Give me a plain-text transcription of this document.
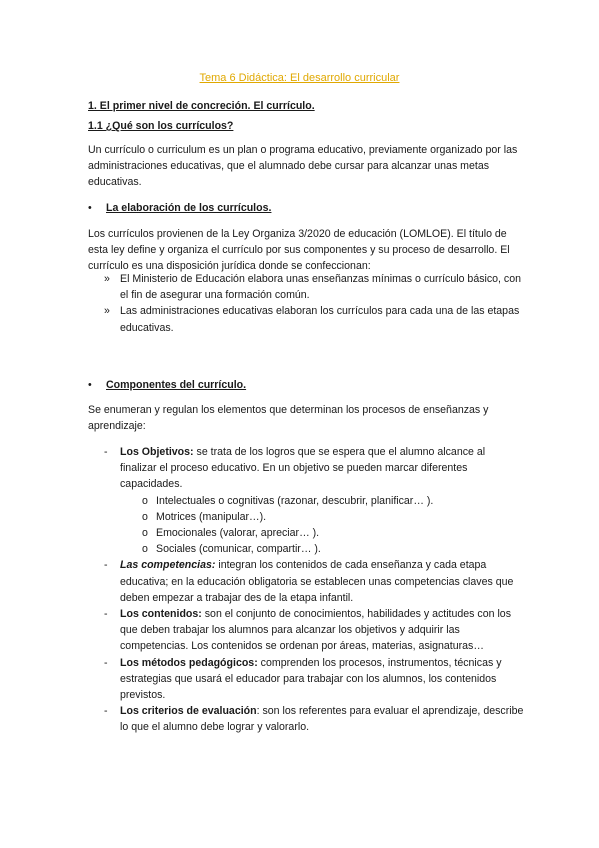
Tema 6 Didáctica: El desarrollo curricular

1. El primer nivel de concreción. El currículo.

1.1 ¿Qué son los currículos?

Un currículo o curriculum es un plan o programa educativo, previamente organizado por las administraciones educativas, que el alumnado debe cursar para alcanzar unas metas educativas.

• La elaboración de los currículos.

Los currículos provienen de la Ley Organiza 3/2020 de educación (LOMLOE). El título de esta ley define y organiza el currículo por sus componentes y su proceso de desarrollo. El currículo es una disposición jurídica donde se confeccionan:

» El Ministerio de Educación elabora unas enseñanzas mínimas o currículo básico, con el fin de asegurar una formación común.
» Las administraciones educativas elaboran los currículos para cada una de las etapas educativas.

• Componentes del currículo.

Se enumeran y regulan los elementos que determinan los procesos de enseñanzas y aprendizaje:

- Los Objetivos: se trata de los logros que se espera que el alumno alcance al finalizar el proceso educativo. En un objetivo se pueden marcar diferentes capacidades.
o Intelectuales o cognitivas (razonar, descubrir, planificar… ).
o Motrices (manipular…).
o Emocionales (valorar, apreciar… ).
o Sociales (comunicar, compartir… ).
- Las competencias: integran los contenidos de cada enseñanza y cada etapa educativa; en la educación obligatoria se establecen unas competencias claves que deben empezar a trabajar des de la etapa infantil.
- Los contenidos: son el conjunto de conocimientos, habilidades y actitudes con los que deben trabajar los alumnos para alcanzar los objetivos y adquirir las competencias. Los contenidos se ordenan por áreas, materias, asignaturas…
- Los métodos pedagógicos: comprenden los procesos, instrumentos, técnicas y estrategias que usará el educador para trabajar con los alumnos, los contenidos previstos.
- Los criterios de evaluación: son los referentes para evaluar el aprendizaje, describe lo que el alumno debe lograr y valorarlo.
